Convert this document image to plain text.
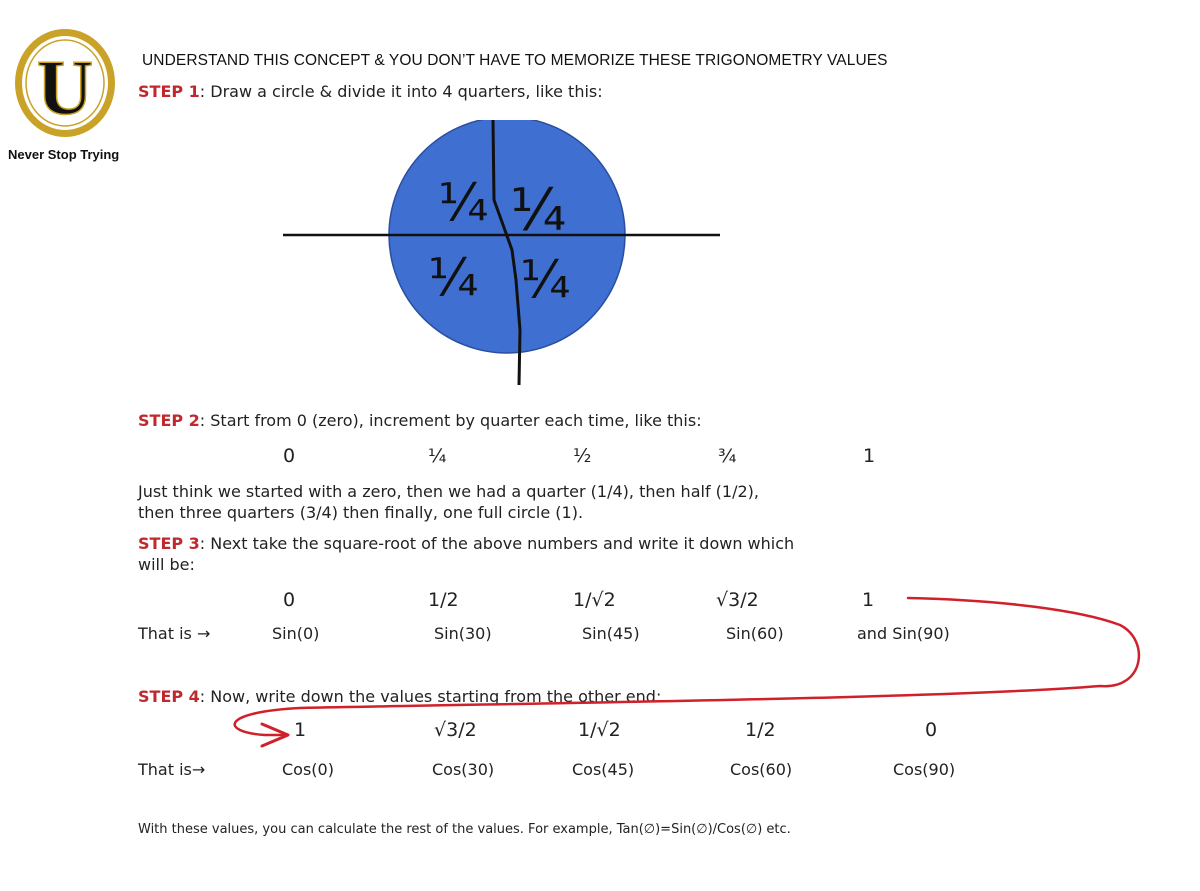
U
Never Stop Trying
UNDERSTAND THIS CONCEPT & YOU DON’T HAVE TO MEMORIZE THESE TRIGONOMETRY VALUES
STEP 1: Draw a circle & divide it into 4 quarters, like this:
¼ ¼
¼ ¼
STEP 2: Start from 0 (zero), increment by quarter each time, like this:
0	¼	½	¾	1
Just think we started with a zero, then we had a quarter (1/4), then half (1/2),
then three quarters (3/4) then finally, one full circle (1).
STEP 3: Next take the square-root of the above numbers and write it down which
will be:
0	1/2	1/√2	√3/2	1
That is →	Sin(0)	Sin(30)	Sin(45)	Sin(60)	and Sin(90)
STEP 4: Now, write down the values starting from the other end:
1	√3/2	1/√2	1/2	0
That is→	Cos(0)	Cos(30)	Cos(45)	Cos(60)	Cos(90)
With these values, you can calculate the rest of the values. For example, Tan(∅)=Sin(∅)/Cos(∅) etc.
